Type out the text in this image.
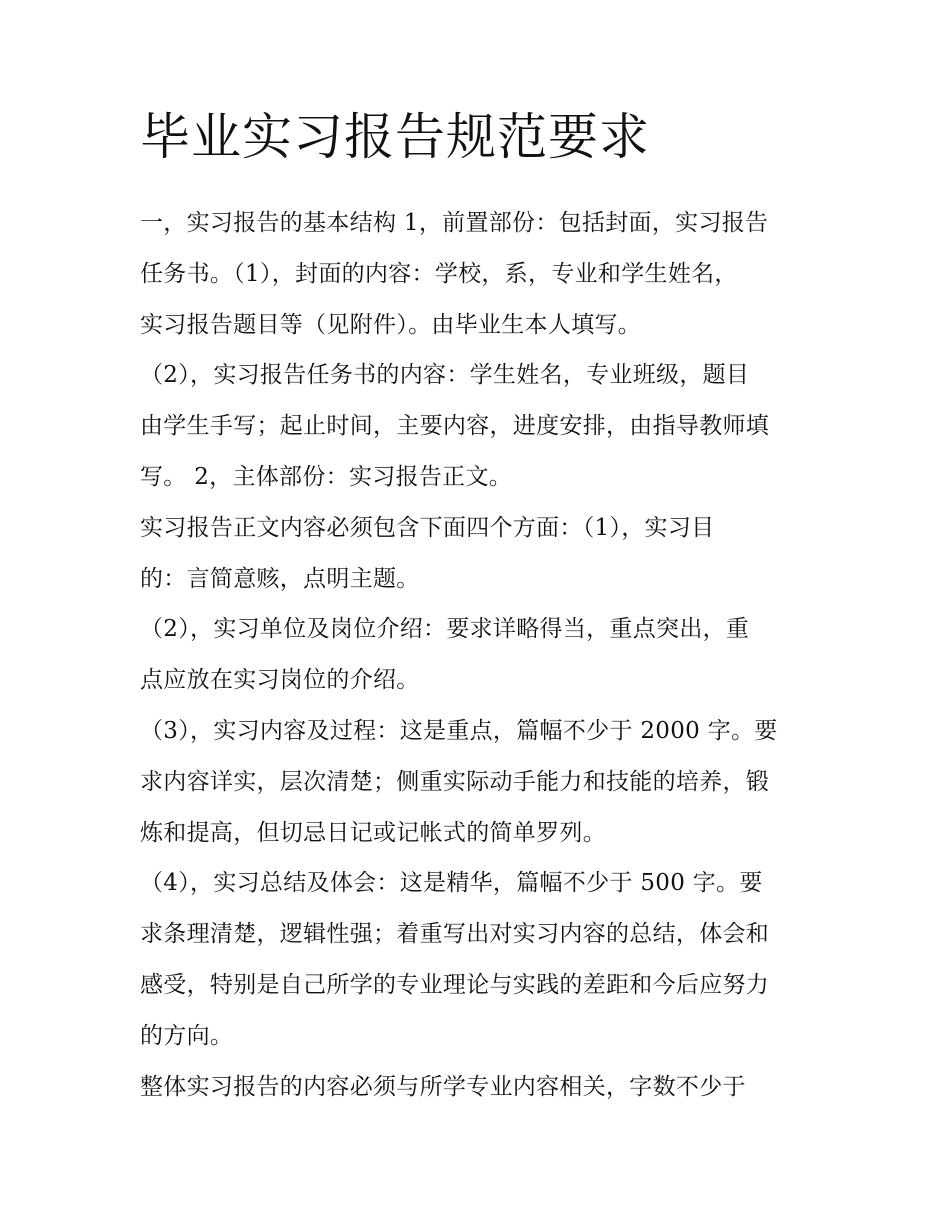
毕业实习报告规范要求
一，实习报告的基本结构 1，前置部份：包括封面，实习报告
任务书。（1），封面的内容：学校，系，专业和学生姓名，
实习报告题目等（见附件）。由毕业生本人填写。
（2），实习报告任务书的内容：学生姓名，专业班级，题目
由学生手写；起止时间，主要内容，进度安排，由指导教师填
写。 2，主体部份：实习报告正文。
实习报告正文内容必须包含下面四个方面：（1），实习目
的：言简意赅，点明主题。
（2），实习单位及岗位介绍：要求详略得当，重点突出，重
点应放在实习岗位的介绍。
（3），实习内容及过程：这是重点，篇幅不少于 2000 字。要
求内容详实，层次清楚；侧重实际动手能力和技能的培养，锻
炼和提高，但切忌日记或记帐式的简单罗列。
（4），实习总结及体会：这是精华，篇幅不少于 500 字。要
求条理清楚，逻辑性强；着重写出对实习内容的总结，体会和
感受，特别是自己所学的专业理论与实践的差距和今后应努力
的方向。
整体实习报告的内容必须与所学专业内容相关，字数不少于
